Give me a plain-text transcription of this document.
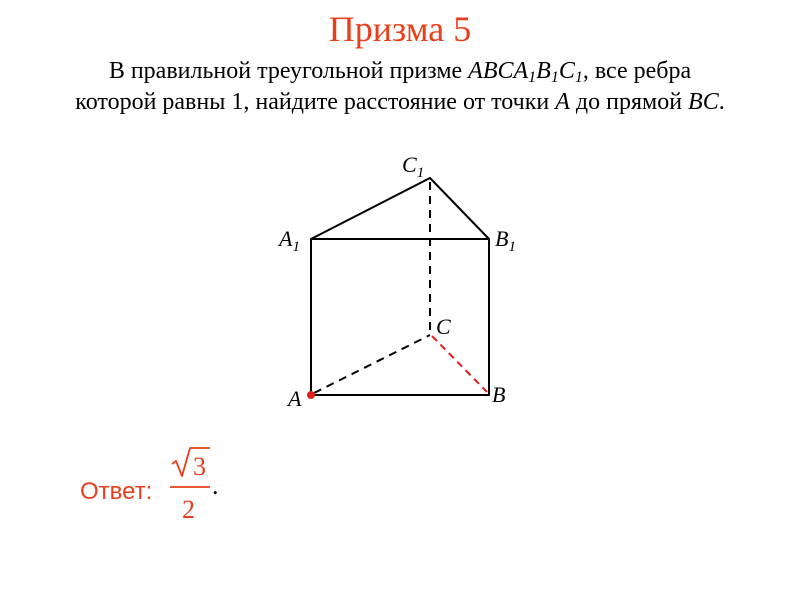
Призма 5
В правильной треугольной призме $ABCA_1B_1C_1$, все ребра
которой равны 1, найдите расстояние от точки A до прямой BC.
$C_1$
$A_1$	$B_1$
C
A	B
Ответ:
3
2
.
